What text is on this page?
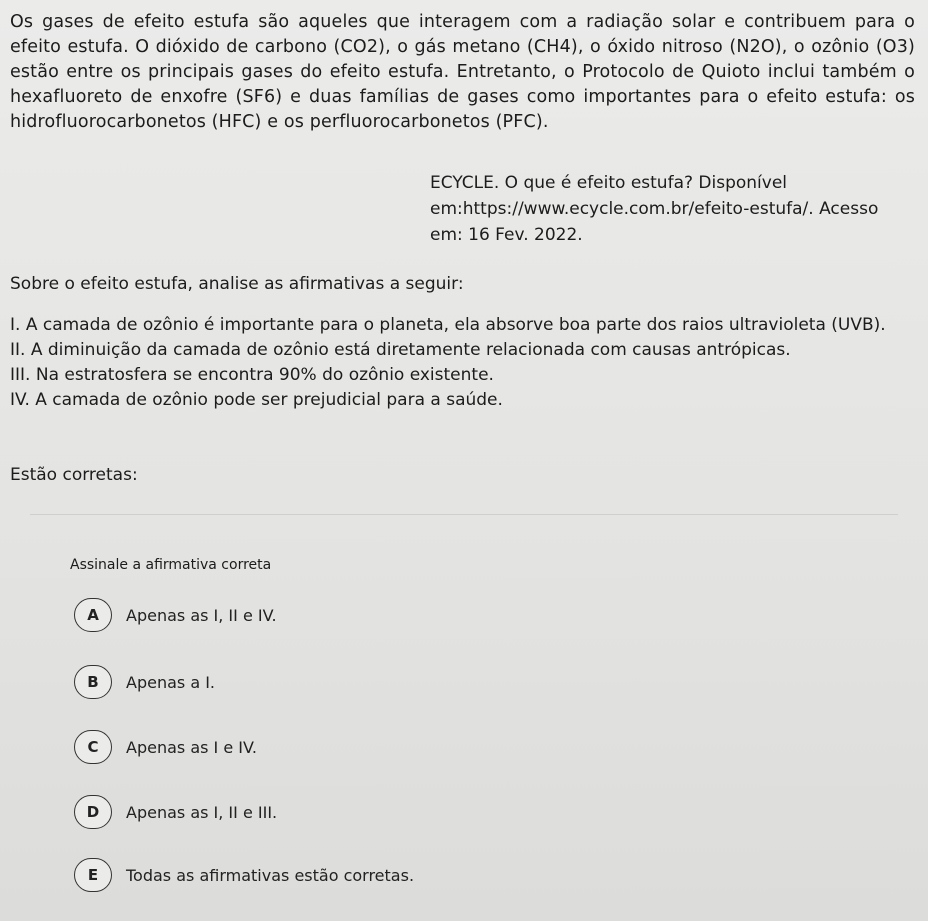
Os gases de efeito estufa são aqueles que interagem com a radiação solar e contribuem para o efeito estufa. O dióxido de carbono (CO2), o gás metano (CH4), o óxido nitroso (N2O), o ozônio (O3) estão entre os principais gases do efeito estufa. Entretanto, o Protocolo de Quioto inclui também o hexafluoreto de enxofre (SF6) e duas famílias de gases como importantes para o efeito estufa: os hidrofluorocarbonetos (HFC) e os perfluorocarbonetos (PFC).

ECYCLE. O que é efeito estufa? Disponível
em:https://www.ecycle.com.br/efeito-estufa/. Acesso
em: 16 Fev. 2022.

Sobre o efeito estufa, analise as afirmativas a seguir:

I. A camada de ozônio é importante para o planeta, ela absorve boa parte dos raios ultravioleta (UVB).
II. A diminuição da camada de ozônio está diretamente relacionada com causas antrópicas.
III. Na estratosfera se encontra 90% do ozônio existente.
IV. A camada de ozônio pode ser prejudicial para a saúde.
Estão corretas:
Assinale a afirmativa correta
A	Apenas as I, II e IV.
B	Apenas a I.
C	Apenas as I e IV.
D	Apenas as I, II e III.
E	Todas as afirmativas estão corretas.
